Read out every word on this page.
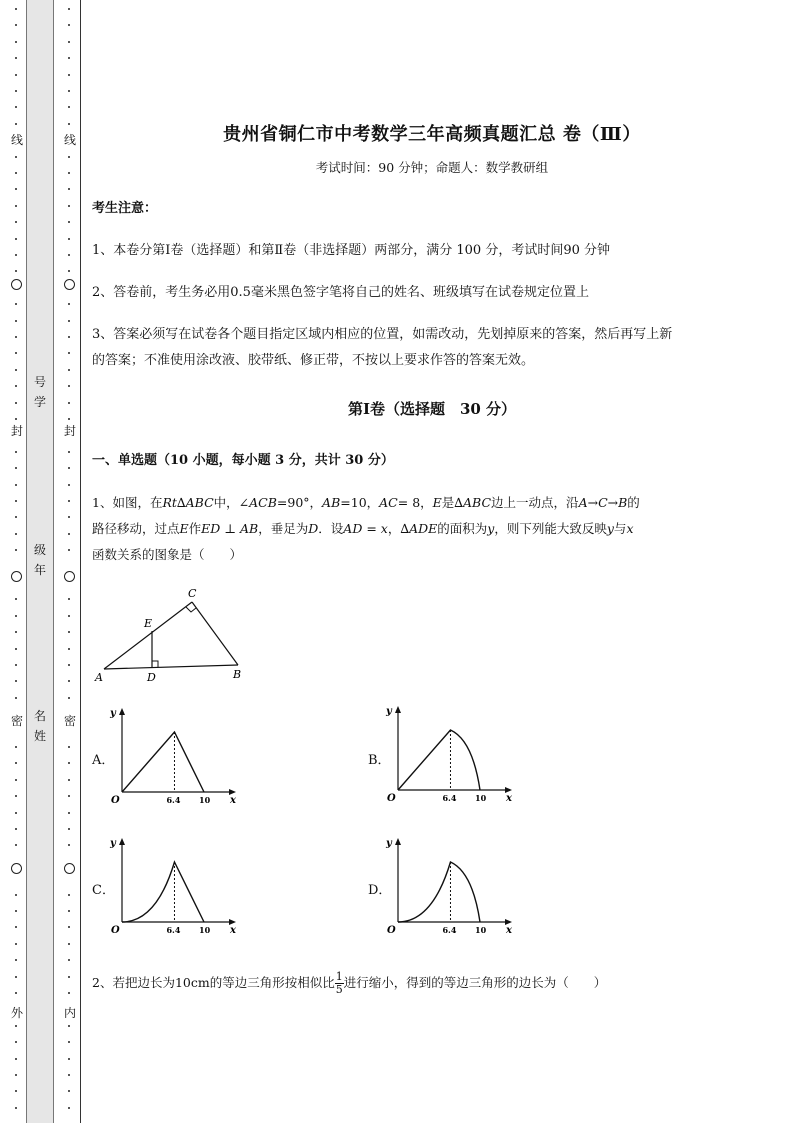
线
封
密
外
号
学
级
年
名
姓
线
封
密
内
贵州省铜仁市中考数学三年高频真题汇总 卷（Ⅲ）
考试时间：90 分钟；命题人：数学教研组
考生注意：
1、本卷分第Ⅰ卷（选择题）和第Ⅱ卷（非选择题）两部分，满分 100 分，考试时间90 分钟
2、答卷前，考生务必用0.5毫米黑色签字笔将自己的姓名、班级填写在试卷规定位置上
3、答案必须写在试卷各个题目指定区域内相应的位置，如需改动，先划掉原来的答案，然后再写上新
的答案；不准使用涂改液、胶带纸、修正带，不按以上要求作答的答案无效。
第Ⅰ卷（选择题　30 分）
一、单选题（10 小题，每小题 3 分，共计 30 分）
1、如图，在Rt∆ABC中，∠ACB=90°，AB=10，AC= 8，E是∆ABC边上一动点，沿A→C→B的
路径移动，过点E作ED ⊥ AB，垂足为D．设AD = x，∆ADE的面积为y，则下列能大致反映y与x
函数关系的图象是（　　）
A	D	B
C
E
A．	B．
C．	D．
y
x
O	6.4 10
y
x
O	6.4 10
y
x
O	6.4 10
y
x
O	6.4 10
2、若把边长为10cm的等边三角形按相似比 $\frac{1}{5}$ 进行缩小，得到的等边三角形的边长为（　　）
